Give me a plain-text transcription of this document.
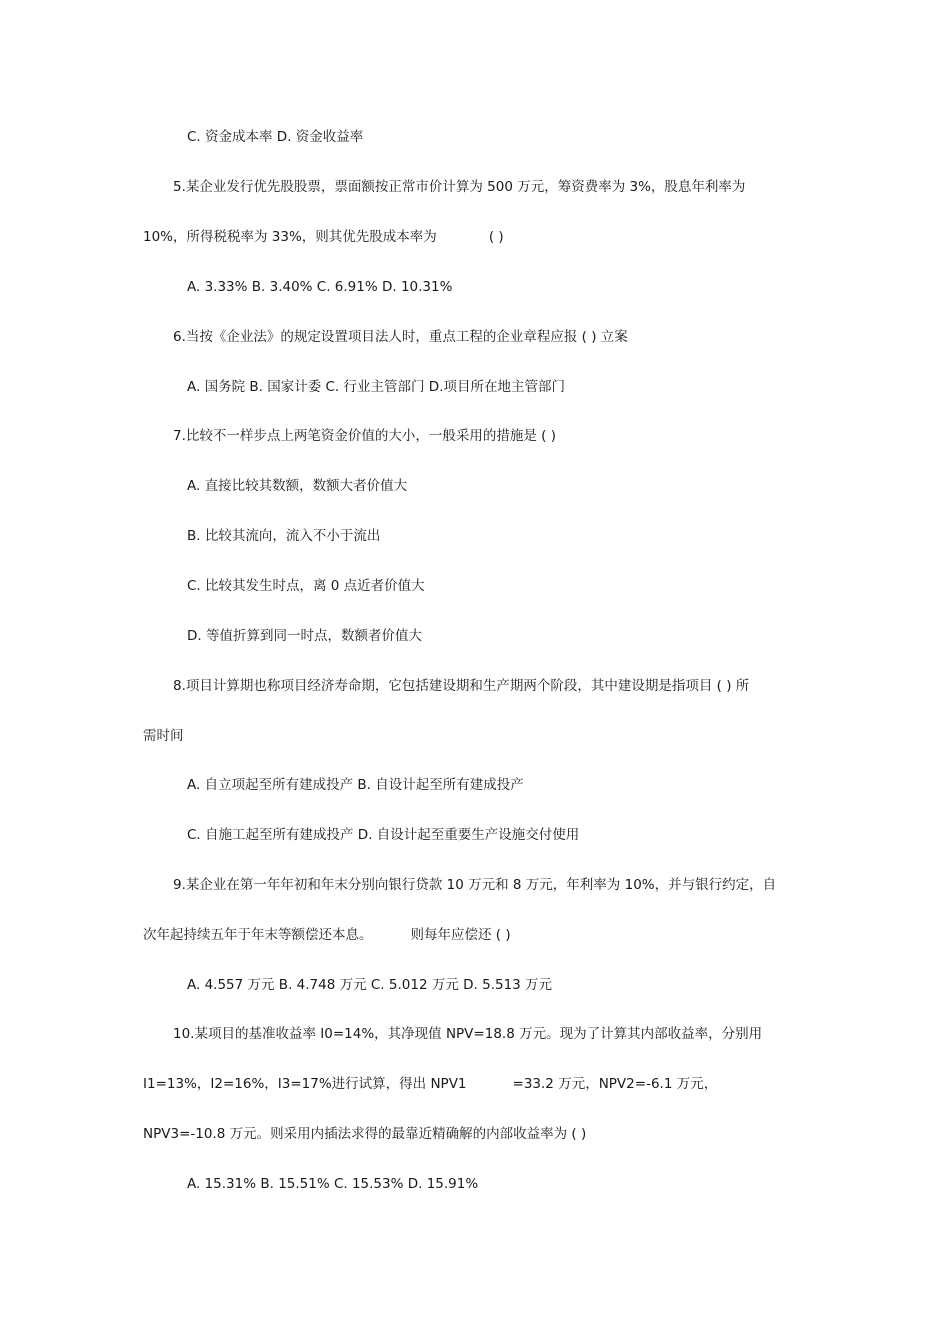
C. 资金成本率 D. 资金收益率
5.某企业发行优先股股票，票面额按正常市价计算为 500 万元，筹资费率为 3%，股息年利率为
10%，所得税税率为 33%，则其优先股成本率为	( )
A. 3.33% B. 3.40% C. 6.91% D. 10.31%
6.当按《企业法》的规定设置项目法人时，重点工程的企业章程应报 ( ) 立案
A. 国务院 B. 国家计委 C. 行业主管部门 D.项目所在地主管部门
7.比较不一样步点上两笔资金价值的大小，一般采用的措施是 ( )
A. 直接比较其数额，数额大者价值大
B. 比较其流向，流入不小于流出
C. 比较其发生时点，离 0 点近者价值大
D. 等值折算到同一时点，数额者价值大
8.项目计算期也称项目经济寿命期，它包括建设期和生产期两个阶段，其中建设期是指项目 ( ) 所
需时间
A. 自立项起至所有建成投产 B. 自设计起至所有建成投产
C. 自施工起至所有建成投产 D. 自设计起至重要生产设施交付使用
9.某企业在第一年年初和年末分别向银行贷款 10 万元和 8 万元，年利率为 10%，并与银行约定，自
次年起持续五年于年末等额偿还本息。	则每年应偿还 ( )
A. 4.557 万元 B. 4.748 万元 C. 5.012 万元 D. 5.513 万元
10.某项目的基准收益率 I0=14%，其净现值 NPV=18.8 万元。现为了计算其内部收益率，分别用
I1=13%，I2=16%，I3=17%进行试算，得出 NPV1	=33.2 万元，NPV2=-6.1 万元，
NPV3=-10.8 万元。则采用内插法求得的最靠近精确解的内部收益率为 ( )
A. 15.31% B. 15.51% C. 15.53% D. 15.91%
